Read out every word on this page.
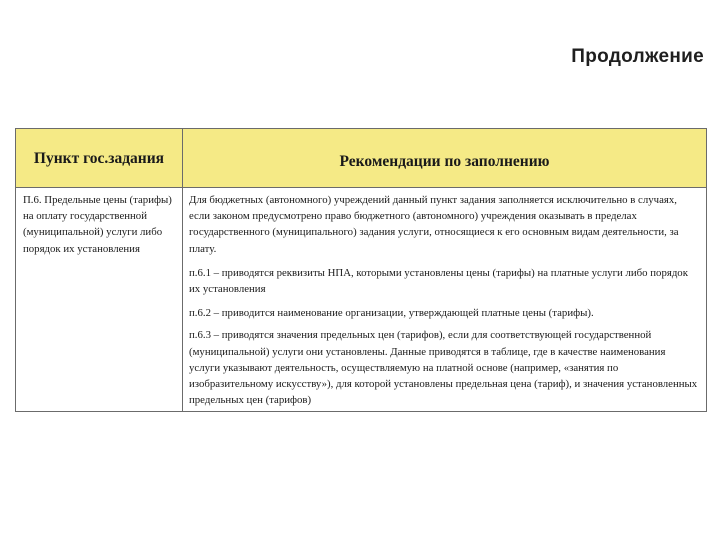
Продолжение
Пункт гос.задания	Рекомендации по заполнению
П.6. Предельные цены (тарифы) на оплату государственной (муниципальной) услуги либо порядок их установления	Для бюджетных (автономного) учреждений данный пункт задания заполняется исключительно в случаях, если законом предусмотрено право бюджетного (автономного) учреждения оказывать в пределах государственного (муниципального) задания услуги, относящиеся к его основным видам деятельности, за плату.

п.6.1 – приводятся реквизиты НПА, которыми установлены цены (тарифы) на платные услуги либо порядок их установления

п.6.2 – приводится наименование организации, утверждающей платные цены (тарифы).

п.6.3 – приводятся значения предельных цен (тарифов), если для соответствующей государственной (муниципальной) услуги они установлены. Данные приводятся в таблице, где в качестве наименования услуги указывают деятельность, осуществляемую на платной основе (например, «занятия по изобразительному искусству»), для которой установлены предельная цена (тариф), и значения установленных предельных цен (тарифов)
